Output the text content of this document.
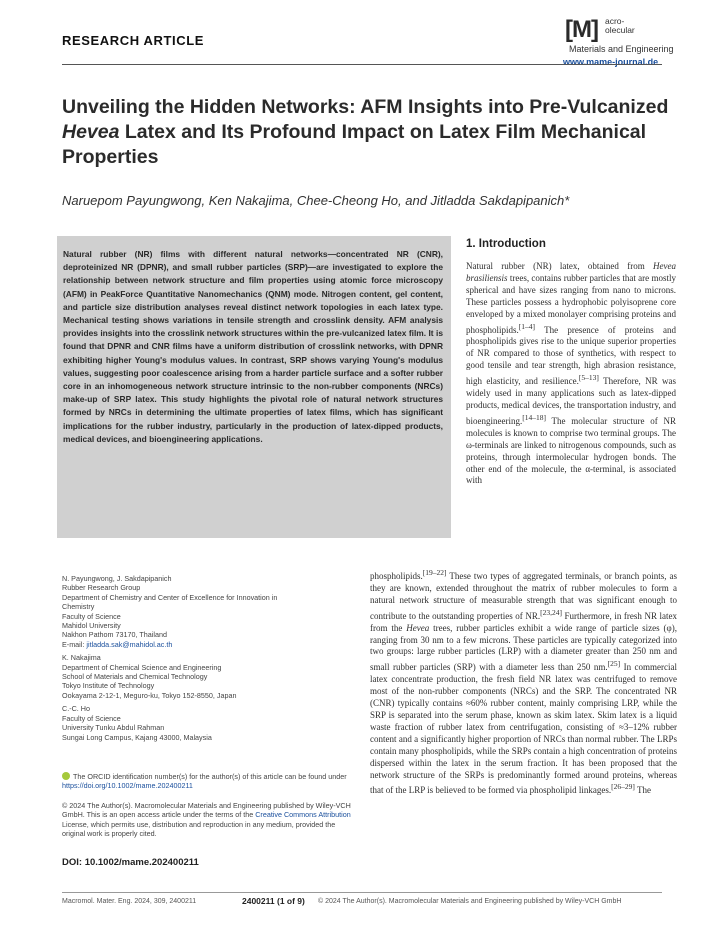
RESEARCH ARTICLE	[M] acro-
olecular
Materials and Engineering
www.mame-journal.de
Unveiling the Hidden Networks: AFM Insights into Pre-Vulcanized Hevea Latex and Its Profound Impact on Latex Film Mechanical Properties
Naruepom Payungwong, Ken Nakajima, Chee-Cheong Ho, and Jitladda Sakdapipanich*
Natural rubber (NR) films with different natural networks—concentrated NR (CNR), deproteinized NR (DPNR), and small rubber particles (SRP)—are investigated to explore the relationship between network structure and film properties using atomic force microscopy (AFM) in PeakForce Quantitative Nanomechanics (QNM) mode. Nitrogen content, gel content, and particle size distribution analyses reveal distinct network topologies in each latex type. Mechanical testing shows variations in tensile strength and crosslink density. AFM analysis provides insights into the crosslink network structures within the pre-vulcanized latex film. It is found that DPNR and CNR films have a uniform distribution of crosslink networks, with DPNR exhibiting higher Young's modulus values. In contrast, SRP shows varying Young's modulus values, suggesting poor coalescence arising from a harder particle surface and a softer rubber core in an inhomogeneous network structure intrinsic to the non-rubber components (NRCs) make-up of SRP latex. This study highlights the pivotal role of natural network structures formed by NRCs in determining the ultimate properties of latex films, which has significant implications for the rubber industry, particularly in the production of latex-dipped products, medical devices, and bioengineering applications.
N. Payungwong, J. Sakdapipanich
Rubber Research Group
Department of Chemistry and Center of Excellence for Innovation in
Chemistry
Faculty of Science
Mahidol University
Nakhon Pathom 73170, Thailand
E-mail: jitladda.sak@mahidol.ac.th
K. Nakajima
Department of Chemical Science and Engineering
School of Materials and Chemical Technology
Tokyo Institute of Technology
Ookayama 2-12-1, Meguro-ku, Tokyo 152-8550, Japan
C.-C. Ho
Faculty of Science
University Tunku Abdul Rahman
Sungai Long Campus, Kajang 43000, Malaysia
The ORCID identification number(s) for the author(s) of this article can be found under https://doi.org/10.1002/mame.202400211
© 2024 The Author(s). Macromolecular Materials and Engineering published by Wiley-VCH GmbH. This is an open access article under the terms of the Creative Commons Attribution License, which permits use, distribution and reproduction in any medium, provided the original work is properly cited.
DOI: 10.1002/mame.202400211
1. Introduction

Natural rubber (NR) latex, obtained from Hevea brasiliensis trees, contains rubber particles that are mostly spherical and have sizes ranging from nano to microns. These particles possess a hydrophobic polyisoprene core enveloped by a mixed monolayer comprising proteins and phospholipids.[1–4] The presence of proteins and phospholipids gives rise to the unique superior properties of NR compared to those of synthetics, with respect to good tensile and tear strength, high abrasion resistance, high elasticity, and resilience.[5–13] Therefore, NR was widely used in many applications such as latex-dipped products, medical devices, the transportation industry, and bioengineering.[14–18] The molecular structure of NR molecules is known to comprise two terminal groups. The ω-terminals are linked to nitrogenous compounds, such as proteins, through intermolecular hydrogen bonds. The other end of the molecule, the α-terminal, is associated with

phospholipids.[19–22] These two types of aggregated terminals, or branch points, as they are known, extended throughout the matrix of rubber molecules to form a natural network structure of measurable strength that was significant enough to contribute to the outstanding properties of NR.[23,24] Furthermore, in fresh NR latex from the Hevea trees, rubber particles exhibit a wide range of particle sizes (φ), ranging from 30 nm to a few microns. These particles are typically categorized into two groups: large rubber particles (LRP) with a diameter greater than 250 nm and small rubber particles (SRP) with a diameter less than 250 nm.[25] In commercial latex concentrate production, the fresh field NR latex was centrifuged to remove most of the non-rubber components (NRCs) and the SRP. The concentrated NR (CNR) typically contains ≈60% rubber content, mainly comprising LRP, while the SRP is separated into the serum phase, known as skim latex. Skim latex is a liquid waste fraction of rubber latex from centrifugation, consisting of ≈3–12% rubber content and a significantly higher proportion of NRCs than normal rubber. The LRPs contain many phospholipids, while the SRPs contain a high concentration of proteins dispersed within the latex in the serum fraction. It has been proposed that the network structure of the SRPs is predominantly formed around proteins, whereas that of the LRP is believed to be formed via phospholipid linkages.[26–29] The

Macromol. Mater. Eng. 2024, 309, 2400211	2400211 (1 of 9) © 2024 The Author(s). Macromolecular Materials and Engineering published by Wiley-VCH GmbH
